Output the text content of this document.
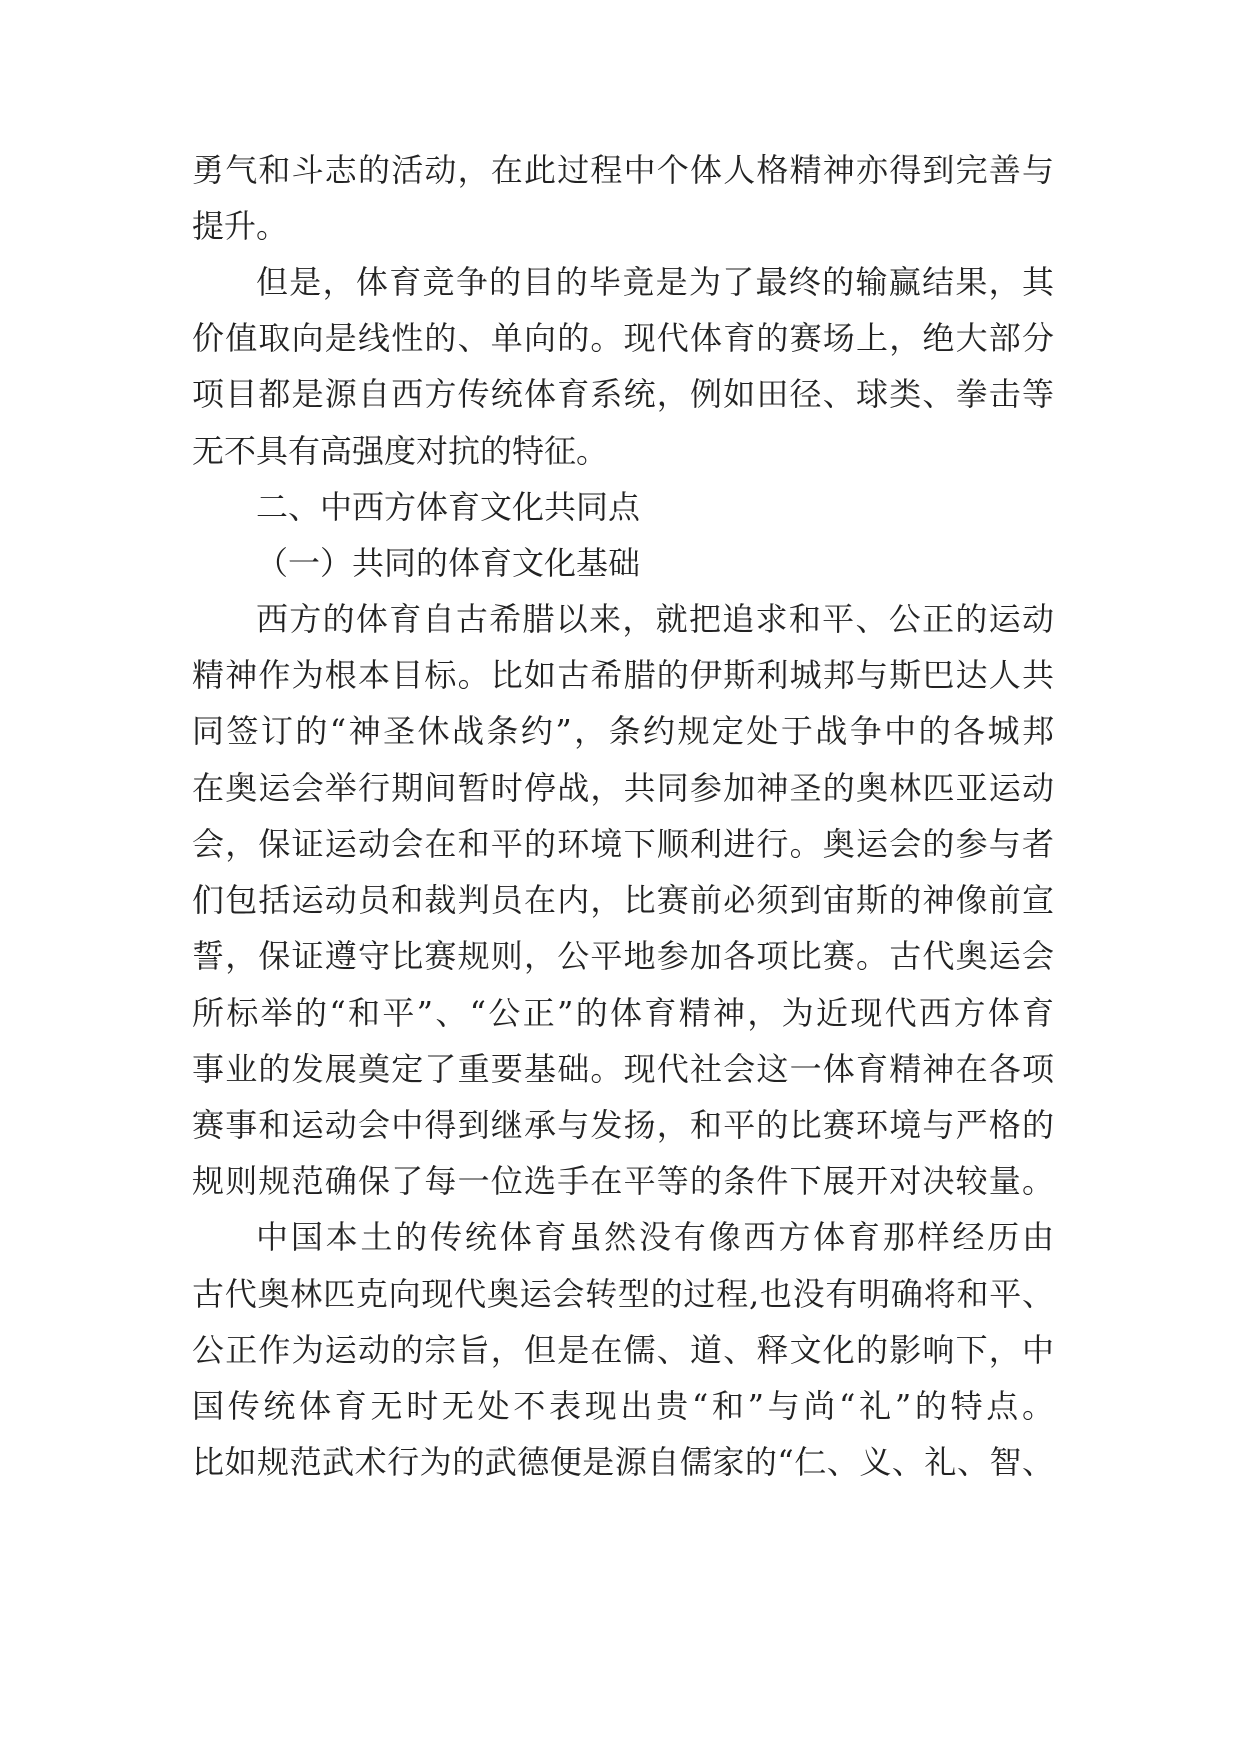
勇气和斗志的活动，在此过程中个体人格精神亦得到完善与
提升。
但是，体育竞争的目的毕竟是为了最终的输赢结果，其
价值取向是线性的、单向的。现代体育的赛场上，绝大部分
项目都是源自西方传统体育系统，例如田径、球类、拳击等
无不具有高强度对抗的特征。
二、中西方体育文化共同点
（一）共同的体育文化基础
西方的体育自古希腊以来，就把追求和平、公正的运动
精神作为根本目标。比如古希腊的伊斯利城邦与斯巴达人共
同签订的“神圣休战条约”，条约规定处于战争中的各城邦
在奥运会举行期间暂时停战，共同参加神圣的奥林匹亚运动
会，保证运动会在和平的环境下顺利进行。奥运会的参与者
们包括运动员和裁判员在内，比赛前必须到宙斯的神像前宣
誓，保证遵守比赛规则，公平地参加各项比赛。古代奥运会
所标举的“和平”、“公正”的体育精神，为近现代西方体育
事业的发展奠定了重要基础。现代社会这一体育精神在各项
赛事和运动会中得到继承与发扬，和平的比赛环境与严格的
规则规范确保了每一位选手在平等的条件下展开对决较量。
中国本土的传统体育虽然没有像西方体育那样经历由
古代奥林匹克向现代奥运会转型的过程,也没有明确将和平、
公正作为运动的宗旨，但是在儒、道、释文化的影响下，中
国传统体育无时无处不表现出贵“和”与尚“礼”的特点。
比如规范武术行为的武德便是源自儒家的“仁、义、礼、智、
